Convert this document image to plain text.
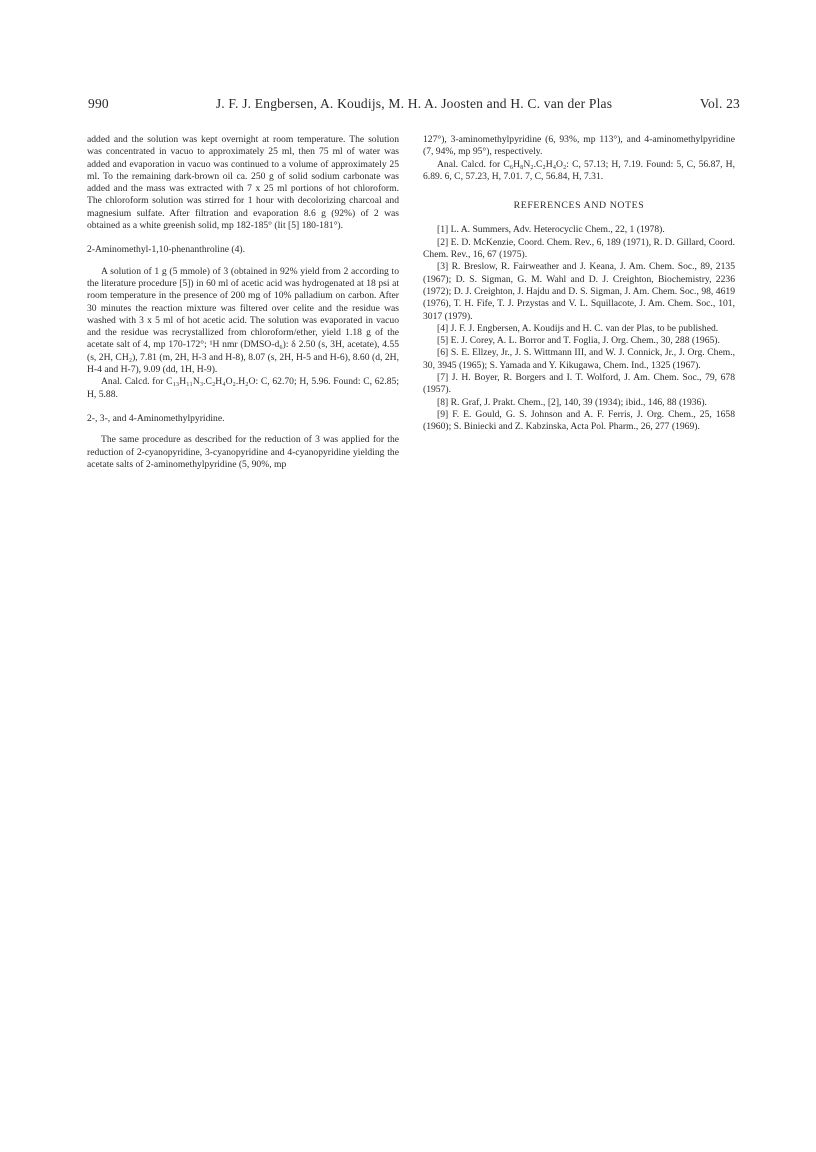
990	J. F. J. Engbersen, A. Koudijs, M. H. A. Joosten and H. C. van der Plas	Vol. 23

added and the solution was kept overnight at room temperature. The solution was concentrated in vacuo to approximately 25 ml, then 75 ml of water was added and evaporation in vacuo was continued to a volume of approximately 25 ml. To the remaining dark-brown oil ca. 250 g of solid sodium carbonate was added and the mass was extracted with 7 x 25 ml portions of hot chloroform. The chloroform solution was stirred for 1 hour with decolorizing charcoal and magnesium sulfate. After filtration and evaporation 8.6 g (92%) of 2 was obtained as a white greenish solid, mp 182-185° (lit [5] 180-181°).

2-Aminomethyl-1,10-phenanthroline (4).

A solution of 1 g (5 mmole) of 3 (obtained in 92% yield from 2 according to the literature procedure [5]) in 60 ml of acetic acid was hydrogenated at 18 psi at room temperature in the presence of 200 mg of 10% palladium on carbon. After 30 minutes the reaction mixture was filtered over celite and the residue was washed with 3 x 5 ml of hot acetic acid. The solution was evaporated in vacuo and the residue was recrystallized from chloroform/ether, yield 1.18 g of the acetate salt of 4, mp 170-172°; ¹H nmr (DMSO-d₆): δ 2.50 (s, 3H, acetate), 4.55 (s, 2H, CH₂), 7.81 (m, 2H, H-3 and H-8), 8.07 (s, 2H, H-5 and H-6), 8.60 (d, 2H, H-4 and H-7), 9.09 (dd, 1H, H-9).

Anal. Calcd. for C₁₃H₁₁N₃.C₂H₄O₂.H₂O: C, 62.70; H, 5.96. Found: C, 62.85; H, 5.88.

2-, 3-, and 4-Aminomethylpyridine.

The same procedure as described for the reduction of 3 was applied for the reduction of 2-cyanopyridine, 3-cyanopyridine and 4-cyanopyridine yielding the acetate salts of 2-aminomethylpyridine (5, 90%, mp

127°), 3-aminomethylpyridine (6, 93%, mp 113°), and 4-aminomethylpyridine (7, 94%, mp 95°), respectively.

Anal. Calcd. for C₆H₈N₂.C₂H₄O₂: C, 57.13; H, 7.19. Found: 5, C, 56.87, H, 6.89. 6, C, 57.23, H, 7.01. 7, C, 56.84, H, 7.31.

REFERENCES AND NOTES

[1] L. A. Summers, Adv. Heterocyclic Chem., 22, 1 (1978).

[2] E. D. McKenzie, Coord. Chem. Rev., 6, 189 (1971), R. D. Gillard, Coord. Chem. Rev., 16, 67 (1975).

[3] R. Breslow, R. Fairweather and J. Keana, J. Am. Chem. Soc., 89, 2135 (1967); D. S. Sigman, G. M. Wahl and D. J. Creighton, Biochemistry, 2236 (1972); D. J. Creighton, J. Hajdu and D. S. Sigman, J. Am. Chem. Soc., 98, 4619 (1976), T. H. Fife, T. J. Przystas and V. L. Squillacote, J. Am. Chem. Soc., 101, 3017 (1979).

[4] J. F. J. Engbersen, A. Koudijs and H. C. van der Plas, to be published.

[5] E. J. Corey, A. L. Borror and T. Foglia, J. Org. Chem., 30, 288 (1965).

[6] S. E. Ellzey, Jr., J. S. Wittmann III, and W. J. Connick, Jr., J. Org. Chem., 30, 3945 (1965); S. Yamada and Y. Kikugawa, Chem. Ind., 1325 (1967).

[7] J. H. Boyer, R. Borgers and I. T. Wolford, J. Am. Chem. Soc., 79, 678 (1957).

[8] R. Graf, J. Prakt. Chem., [2], 140, 39 (1934); ibid., 146, 88 (1936).

[9] F. E. Gould, G. S. Johnson and A. F. Ferris, J. Org. Chem., 25, 1658 (1960); S. Biniecki and Z. Kabzinska, Acta Pol. Pharm., 26, 277 (1969).
